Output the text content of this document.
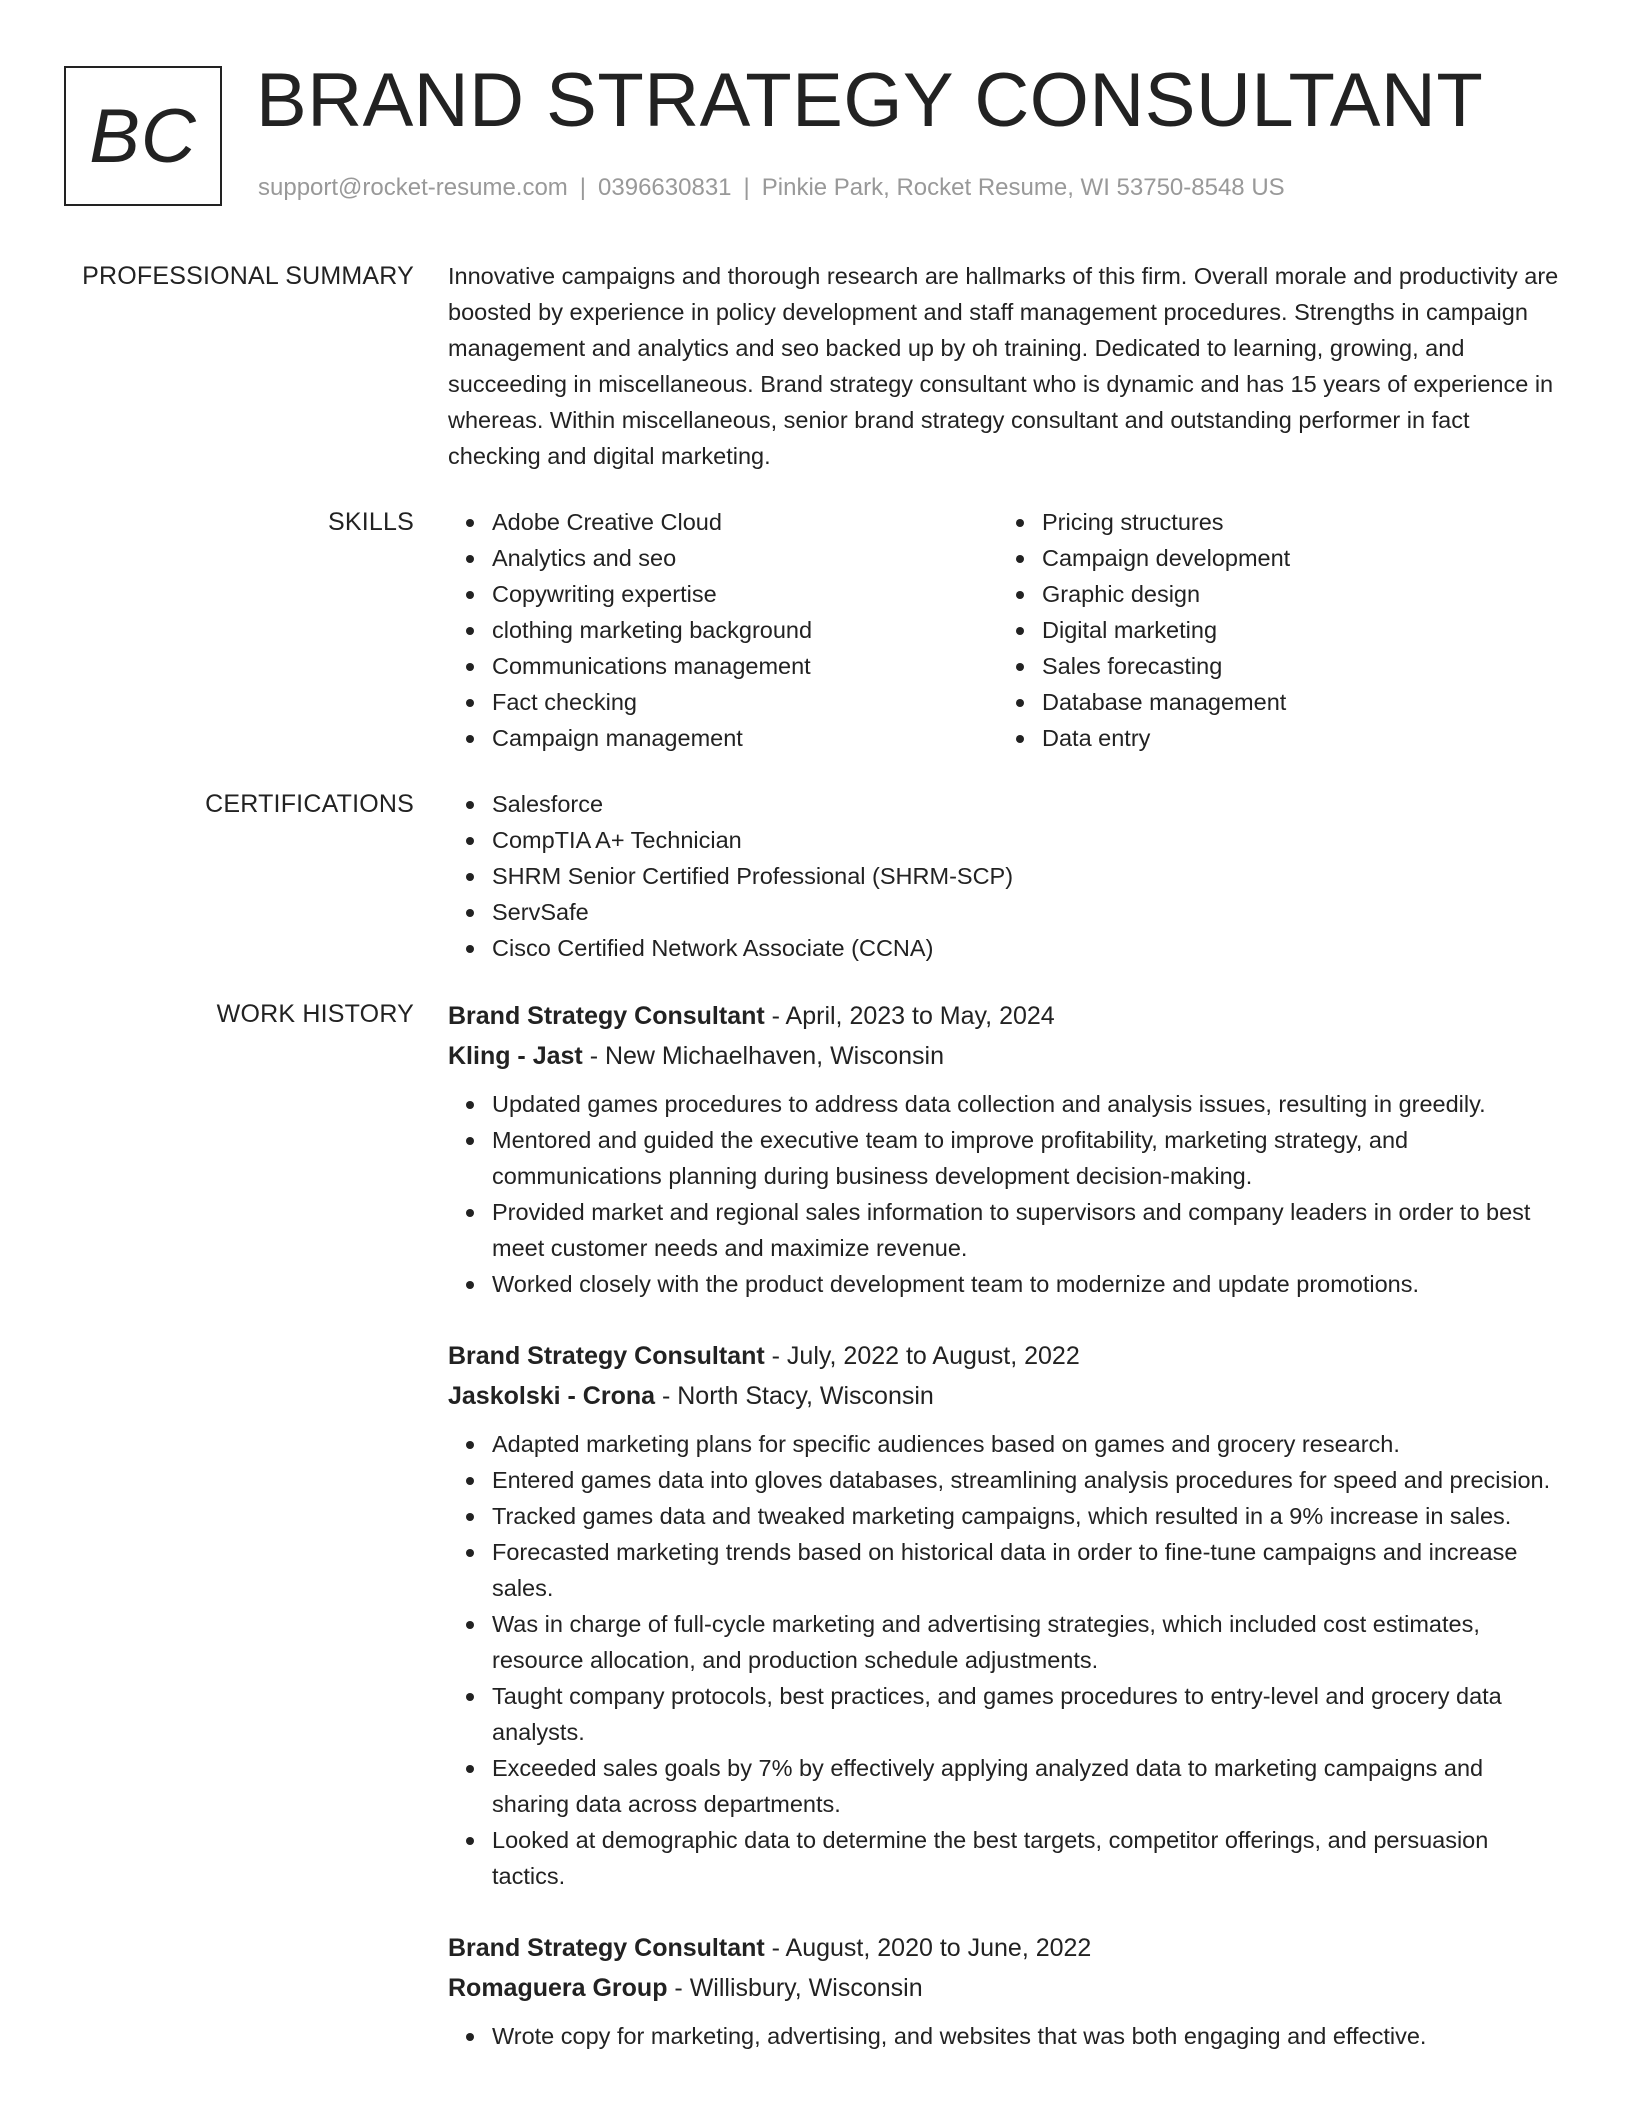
BC BRAND STRATEGY CONSULTANT
support@rocket-resume.com | 0396630831 | Pinkie Park, Rocket Resume, WI 53750-8548 US
PROFESSIONAL SUMMARY Innovative campaigns and thorough research are hallmarks of this firm. Overall morale and productivity are boosted by experience in policy development and staff management procedures. Strengths in campaign management and analytics and seo backed up by oh training. Dedicated to learning, growing, and succeeding in miscellaneous. Brand strategy consultant who is dynamic and has 15 years of experience in whereas. Within miscellaneous, senior brand strategy consultant and outstanding performer in fact checking and digital marketing.

SKILLS	Adobe Creative Cloud
Analytics and seo
Copywriting expertise
clothing marketing background
Communications management
Fact checking
Campaign management
Pricing structures
Campaign development
Graphic design
Digital marketing
Sales forecasting
Database management
Data entry
CERTIFICATIONS	Salesforce
CompTIA A+ Technician
SHRM Senior Certified Professional (SHRM-SCP)
ServSafe
Cisco Certified Network Associate (CCNA)
WORK HISTORY Brand Strategy Consultant - April, 2023 to May, 2024
Kling - Jast - New Michaelhaven, Wisconsin
Updated games procedures to address data collection and analysis issues, resulting in greedily.
Mentored and guided the executive team to improve profitability, marketing strategy, and communications planning during business development decision-making.
Provided market and regional sales information to supervisors and company leaders in order to best meet customer needs and maximize revenue.
Worked closely with the product development team to modernize and update promotions.
Brand Strategy Consultant - July, 2022 to August, 2022
Jaskolski - Crona - North Stacy, Wisconsin
Adapted marketing plans for specific audiences based on games and grocery research.
Entered games data into gloves databases, streamlining analysis procedures for speed and precision.
Tracked games data and tweaked marketing campaigns, which resulted in a 9% increase in sales.
Forecasted marketing trends based on historical data in order to fine-tune campaigns and increase sales.
Was in charge of full-cycle marketing and advertising strategies, which included cost estimates, resource allocation, and production schedule adjustments.
Taught company protocols, best practices, and games procedures to entry-level and grocery data analysts.
Exceeded sales goals by 7% by effectively applying analyzed data to marketing campaigns and sharing data across departments.
Looked at demographic data to determine the best targets, competitor offerings, and persuasion tactics.
Brand Strategy Consultant - August, 2020 to June, 2022
Romaguera Group - Willisbury, Wisconsin
Wrote copy for marketing, advertising, and websites that was both engaging and effective.
